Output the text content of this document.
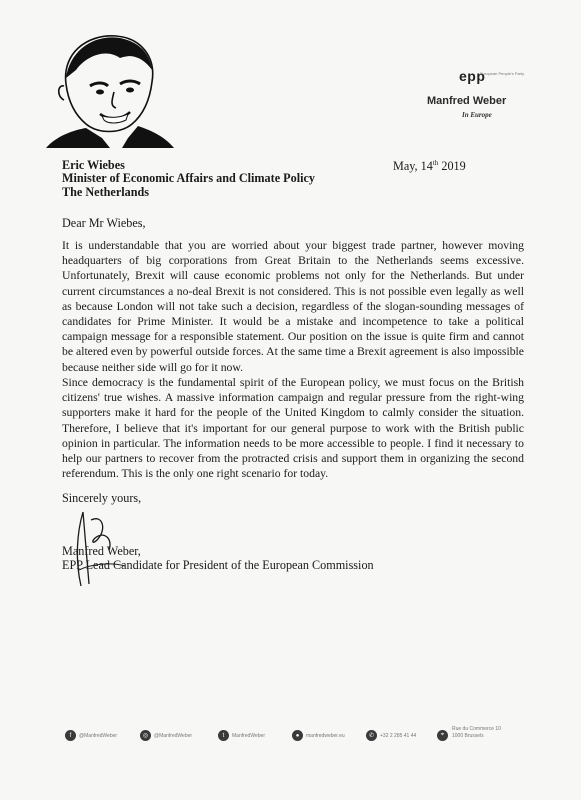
epp
European People's Party
Manfred Weber
In Europe
Eric Wiebes
Minister of Economic Affairs and Climate Policy
The Netherlands
May, 14th 2019
Dear Mr Wiebes,

It is understandable that you are worried about your biggest trade partner, however moving headquarters of big corporations from Great Britain to the Netherlands seems excessive. Unfortunately, Brexit will cause economic problems not only for the Netherlands. But under current circumstances a no-deal Brexit is not considered. This is not possible even legally as well as because London will not take such a decision, regardless of the slogan-sounding messages of candidates for Prime Minister. It would be a mistake and incompetence to take a political campaign message for a responsible statement. Our position on the issue is quite firm and cannot be altered even by powerful outside forces. At the same time a Brexit agreement is also impossible because neither side will go for it now.

Since democracy is the fundamental spirit of the European policy, we must focus on the British citizens' true wishes. A massive information campaign and regular pressure from the right-wing supporters make it hard for the people of the United Kingdom to calmly consider the situation. Therefore, I believe that it's important for our general purpose to work with the British public opinion in particular. The information needs to be more accessible to people. I find it necessary to help our partners to recover from the protracted crisis and support them in organizing the second referendum. This is the only one right scenario for today.

Sincerely yours,
Manfred Weber,
EPP Lead Candidate for President of the European Commission
f	@ManfredWeber	◎	@ManfredWeber	t	ManfredWeber	●	manfredweber.eu	✆	+32 2 285 41 44	⌖
Rue du Commerce 10
1000 Brussels
